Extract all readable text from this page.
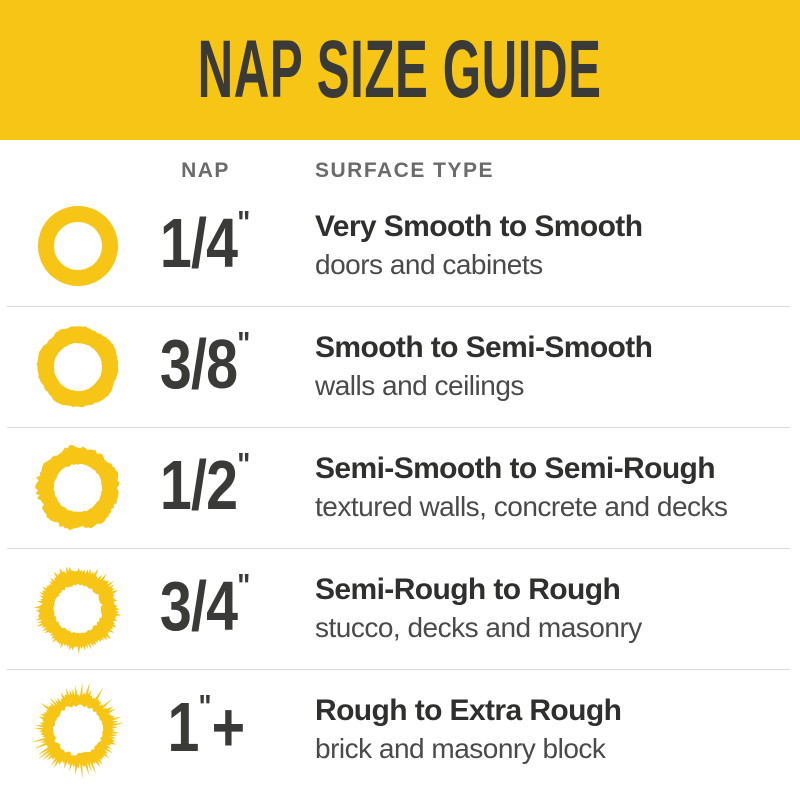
NAP SIZE GUIDE
NAP	SURFACE TYPE
1/4"	Very Smooth to Smooth
doors and cabinets
3/8"	Smooth to Semi-Smooth
walls and ceilings
1/2"	Semi-Smooth to Semi-Rough
textured walls, concrete and decks
3/4"	Semi-Rough to Rough
stucco, decks and masonry
1"+	Rough to Extra Rough
brick and masonry block
